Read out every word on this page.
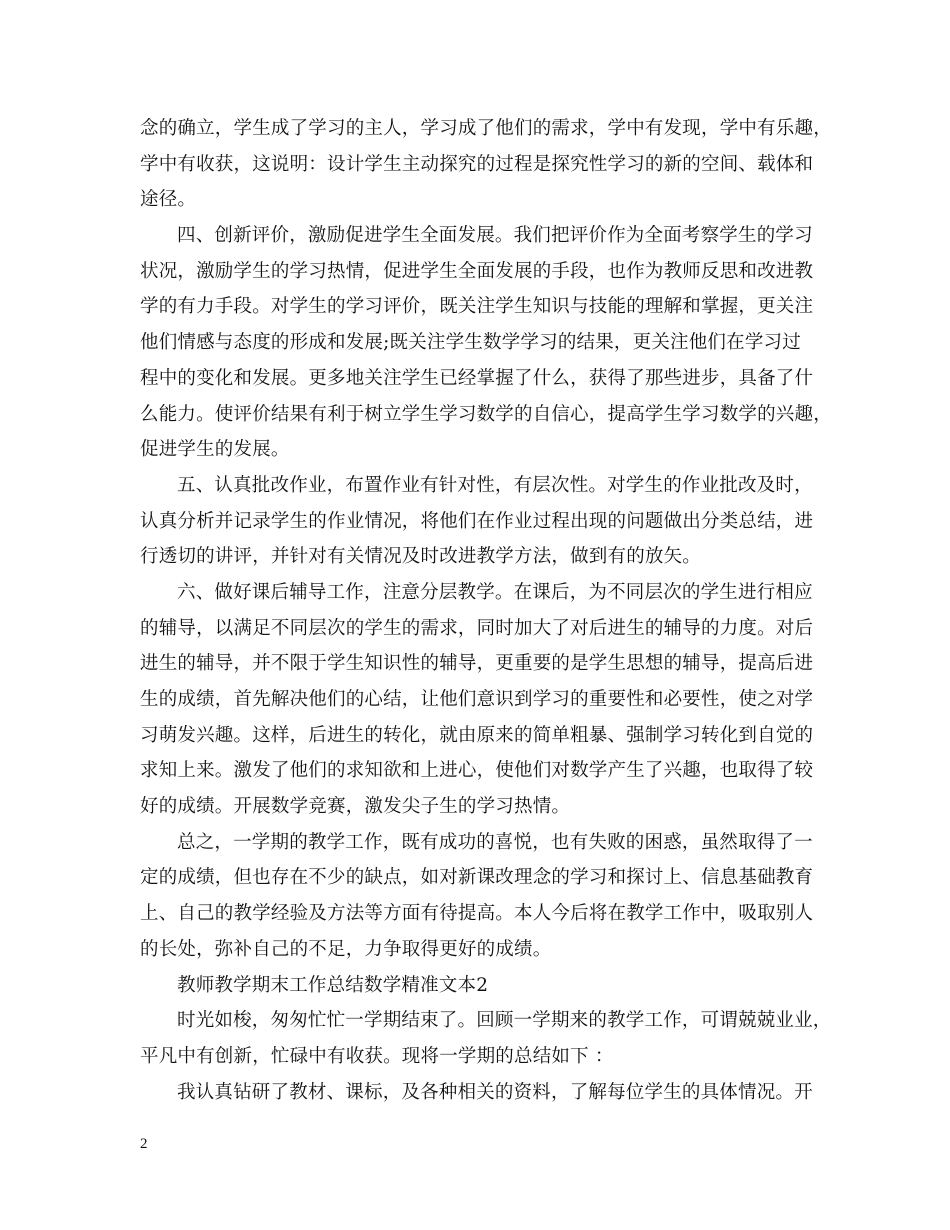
念的确立，学生成了学习的主人，学习成了他们的需求，学中有发现，学中有乐趣，
学中有收获，这说明：设计学生主动探究的过程是探究性学习的新的空间、载体和
途径。
四、创新评价，激励促进学生全面发展。我们把评价作为全面考察学生的学习
状况，激励学生的学习热情，促进学生全面发展的手段，也作为教师反思和改进教
学的有力手段。对学生的学习评价，既关注学生知识与技能的理解和掌握，更关注
他们情感与态度的形成和发展;既关注学生数学学习的结果，更关注他们在学习过
程中的变化和发展。更多地关注学生已经掌握了什么，获得了那些进步，具备了什
么能力。使评价结果有利于树立学生学习数学的自信心，提高学生学习数学的兴趣，
促进学生的发展。
五、认真批改作业，布置作业有针对性，有层次性。对学生的作业批改及时，
认真分析并记录学生的作业情况，将他们在作业过程出现的问题做出分类总结，进
行透切的讲评，并针对有关情况及时改进教学方法，做到有的放矢。
六、做好课后辅导工作，注意分层教学。在课后，为不同层次的学生进行相应
的辅导，以满足不同层次的学生的需求，同时加大了对后进生的辅导的力度。对后
进生的辅导，并不限于学生知识性的辅导，更重要的是学生思想的辅导，提高后进
生的成绩，首先解决他们的心结，让他们意识到学习的重要性和必要性，使之对学
习萌发兴趣。这样，后进生的转化，就由原来的简单粗暴、强制学习转化到自觉的
求知上来。激发了他们的求知欲和上进心，使他们对数学产生了兴趣，也取得了较
好的成绩。开展数学竞赛，激发尖子生的学习热情。
总之，一学期的教学工作，既有成功的喜悦，也有失败的困惑，虽然取得了一
定的成绩，但也存在不少的缺点，如对新课改理念的学习和探讨上、信息基础教育
上、自己的教学经验及方法等方面有待提高。本人今后将在教学工作中，吸取别人
的长处，弥补自己的不足，力争取得更好的成绩。
教师教学期末工作总结数学精准文本2
时光如梭，匆匆忙忙一学期结束了。回顾一学期来的教学工作，可谓兢兢业业，
平凡中有创新，忙碌中有收获。现将一学期的总结如下 ：
我认真钻研了教材、课标，及各种相关的资料，了解每位学生的具体情况。开
2
